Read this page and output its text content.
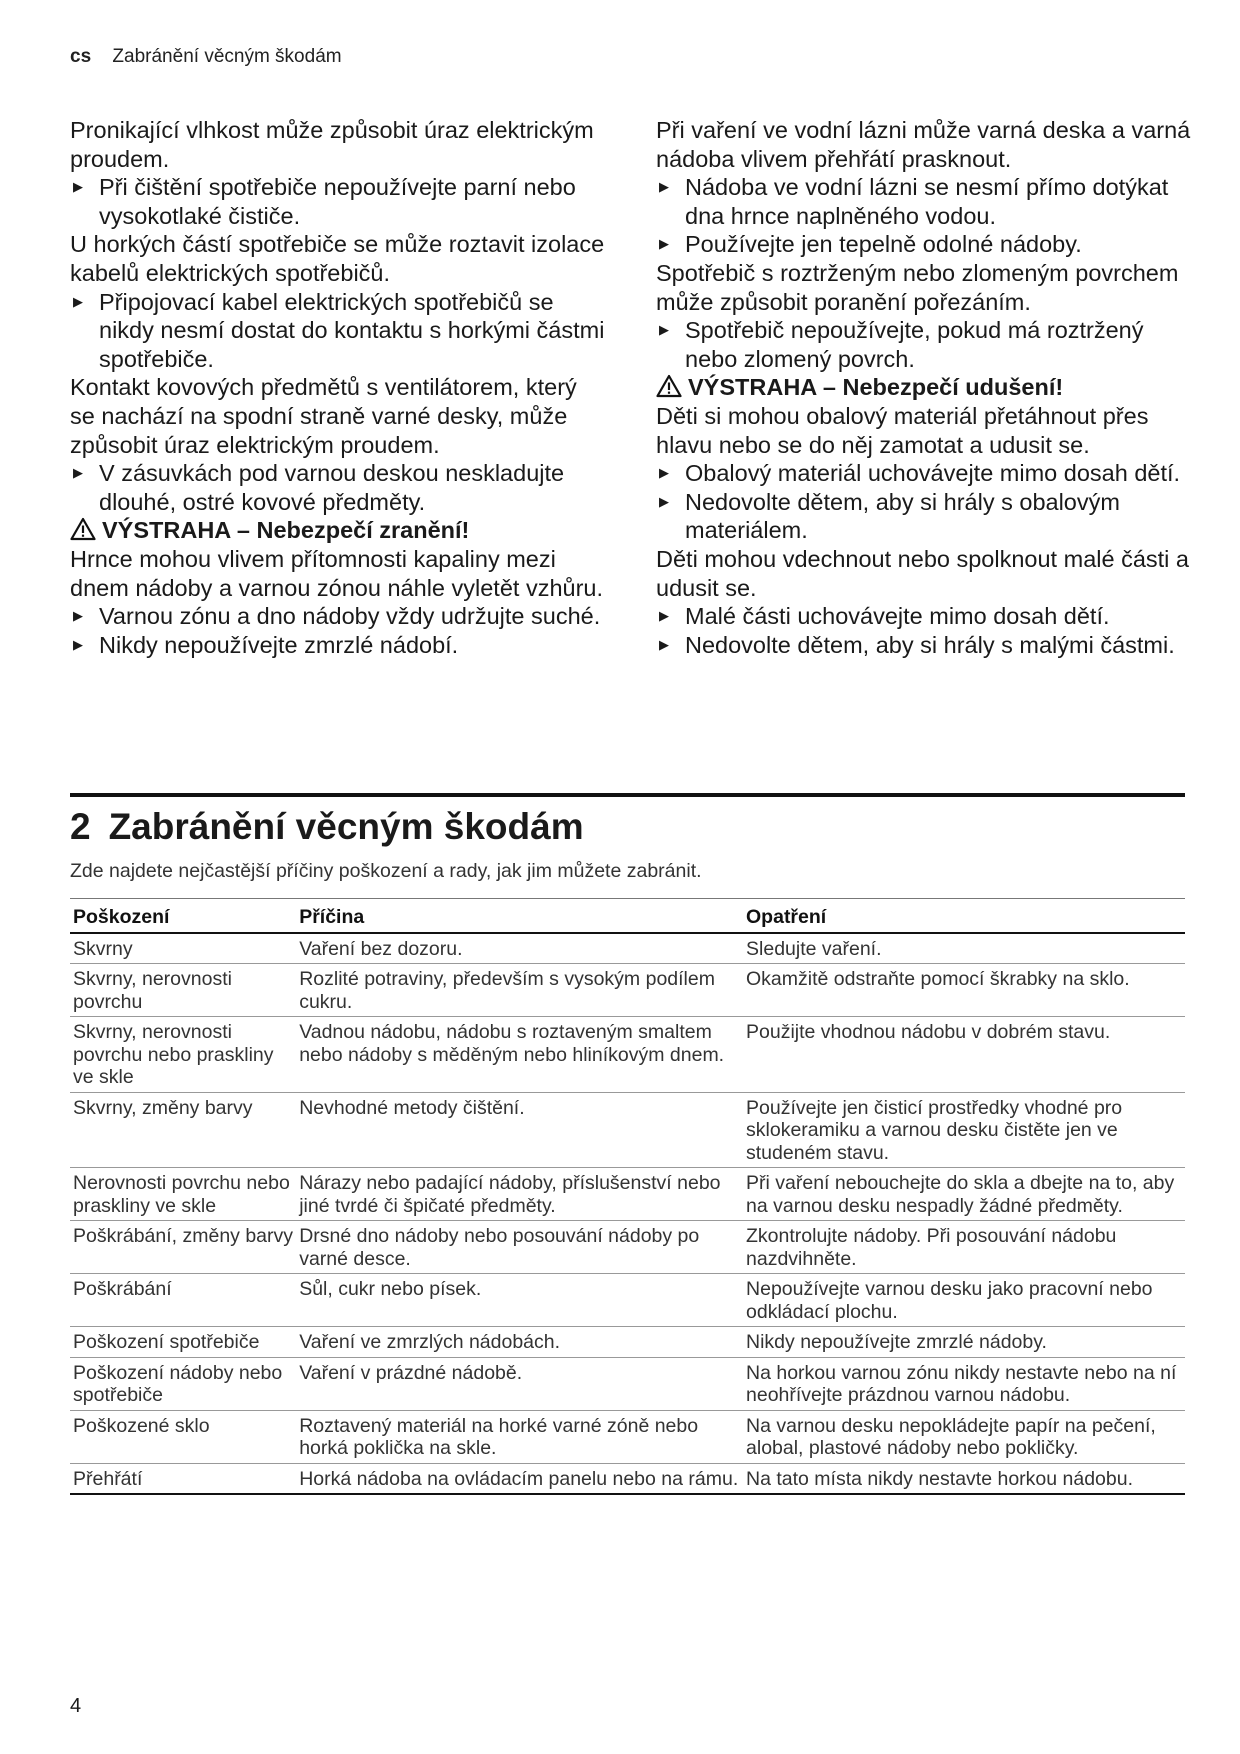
cs Zabránění věcným škodám

Pronikající vlhkost může způsobit úraz elektrickým proudem.

▶ Při čištění spotřebiče nepoužívejte parní nebo vysokotlaké čističe.

U horkých částí spotřebiče se může roztavit izolace kabelů elektrických spotřebičů.

▶ Připojovací kabel elektrických spotřebičů se nikdy nesmí dostat do kontaktu s horkými částmi spotřebiče.

Kontakt kovových předmětů s ventilátorem, který se nachází na spodní straně varné desky, může způsobit úraz elektrickým proudem.

▶ V zásuvkách pod varnou deskou neskladujte dlouhé, ostré kovové předměty.

VÝSTRAHA – Nebezpečí zranění!

Hrnce mohou vlivem přítomnosti kapaliny mezi dnem nádoby a varnou zónou náhle vyletět vzhůru.

▶ Varnou zónu a dno nádoby vždy udržujte suché.

▶ Nikdy nepoužívejte zmrzlé nádobí.

Při vaření ve vodní lázni může varná deska a varná nádoba vlivem přehřátí prasknout.

▶ Nádoba ve vodní lázni se nesmí přímo dotýkat dna hrnce naplněného vodou.

▶ Používejte jen tepelně odolné nádoby.

Spotřebič s roztrženým nebo zlomeným povrchem může způsobit poranění pořezáním.

▶ Spotřebič nepoužívejte, pokud má roztržený nebo zlomený povrch.

VÝSTRAHA – Nebezpečí udušení!

Děti si mohou obalový materiál přetáhnout přes hlavu nebo se do něj zamotat a udusit se.

▶ Obalový materiál uchovávejte mimo dosah dětí.

▶ Nedovolte dětem, aby si hrály s obalovým materiálem.

Děti mohou vdechnout nebo spolknout malé části a udusit se.

▶ Malé části uchovávejte mimo dosah dětí.

▶ Nedovolte dětem, aby si hrály s malými částmi.

2 Zabránění věcným škodám
Zde najdete nejčastější příčiny poškození a rady, jak jim můžete zabránit.
Poškození	Příčina	Opatření
Skvrny	Vaření bez dozoru.	Sledujte vaření.
Skvrny, nerovnosti povrchu	Rozlité potraviny, především s vysokým podílem cukru.	Okamžitě odstraňte pomocí škrabky na sklo.
Skvrny, nerovnosti povrchu nebo praskliny ve skle	Vadnou nádobu, nádobu s roztaveným smaltem nebo nádoby s měděným nebo hliníkovým dnem.	Použijte vhodnou nádobu v dobrém stavu.
Skvrny, změny barvy	Nevhodné metody čištění.	Používejte jen čisticí prostředky vhodné pro sklokeramiku a varnou desku čistěte jen ve studeném stavu.
Nerovnosti povrchu nebo praskliny ve skle	Nárazy nebo padající nádoby, příslušenství nebo jiné tvrdé či špičaté předměty.	Při vaření nebouchejte do skla a dbejte na to, aby na varnou desku nespadly žádné předměty.
Poškrábání, změny barvy	Drsné dno nádoby nebo posouvání nádoby po varné desce.	Zkontrolujte nádoby. Při posouvání nádobu nazdvihněte.
Poškrábání	Sůl, cukr nebo písek.	Nepoužívejte varnou desku jako pracovní nebo odkládací plochu.
Poškození spotřebiče	Vaření ve zmrzlých nádobách.	Nikdy nepoužívejte zmrzlé nádoby.
Poškození nádoby nebo spotřebiče	Vaření v prázdné nádobě.	Na horkou varnou zónu nikdy nestavte nebo na ní neohřívejte prázdnou varnou nádobu.
Poškozené sklo	Roztavený materiál na horké varné zóně nebo horká poklička na skle.	Na varnou desku nepokládejte papír na pečení, alobal, plastové nádoby nebo pokličky.
Přehřátí	Horká nádoba na ovládacím panelu nebo na rámu.	Na tato místa nikdy nestavte horkou nádobu.
4
